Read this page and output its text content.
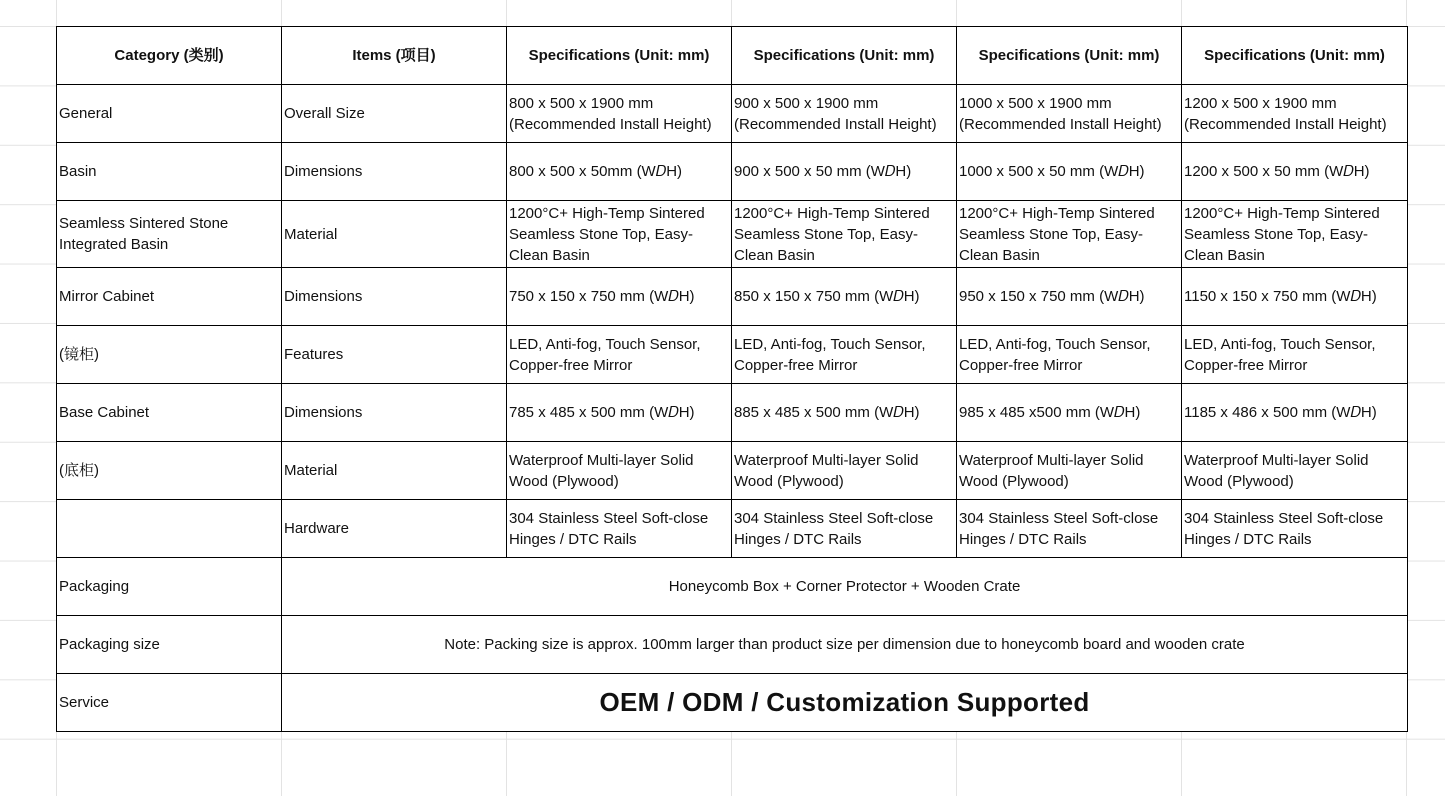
Category (类别)	Items (项目)	Specifications (Unit: mm)	Specifications (Unit: mm)	Specifications (Unit: mm)	Specifications (Unit: mm)
General	Overall Size	800 x 500 x 1900 mm (Recommended Install Height)	900 x 500 x 1900 mm (Recommended Install Height)	1000 x 500 x 1900 mm (Recommended Install Height)	1200 x 500 x 1900 mm (Recommended Install Height)
Basin	Dimensions	800 x 500 x 50mm (W𝐷H)	900 x 500 x 50 mm (W𝐷H)	1000 x 500 x 50 mm (W𝐷H)	1200 x 500 x 50 mm (W𝐷H)
Seamless Sintered Stone Integrated Basin	Material	1200°C+ High-Temp Sintered Seamless Stone Top, Easy-Clean Basin	1200°C+ High-Temp Sintered Seamless Stone Top, Easy-Clean Basin	1200°C+ High-Temp Sintered Seamless Stone Top, Easy-Clean Basin	1200°C+ High-Temp Sintered Seamless Stone Top, Easy-Clean Basin
Mirror Cabinet	Dimensions	750 x 150 x 750 mm (W𝐷H)	850 x 150 x 750 mm (W𝐷H)	950 x 150 x 750 mm (W𝐷H)	1150 x 150 x 750 mm (W𝐷H)
(镜柜)	Features	LED, Anti-fog, Touch Sensor, Copper-free Mirror	LED, Anti-fog, Touch Sensor, Copper-free Mirror	LED, Anti-fog, Touch Sensor, Copper-free Mirror	LED, Anti-fog, Touch Sensor, Copper-free Mirror
Base Cabinet	Dimensions	785 x 485 x 500 mm (W𝐷H)	885 x 485 x 500 mm (W𝐷H)	985 x 485 x500 mm (W𝐷H)	1185 x 486 x 500 mm (W𝐷H)
(底柜)	Material	Waterproof Multi-layer Solid Wood (Plywood)	Waterproof Multi-layer Solid Wood (Plywood)	Waterproof Multi-layer Solid Wood (Plywood)	Waterproof Multi-layer Solid Wood (Plywood)
	Hardware	304 Stainless Steel Soft-close Hinges / DTC Rails	304 Stainless Steel Soft-close Hinges / DTC Rails	304 Stainless Steel Soft-close Hinges / DTC Rails	304 Stainless Steel Soft-close Hinges / DTC Rails
Packaging	Honeycomb Box + Corner Protector + Wooden Crate				
Packaging size	Note: Packing size is approx. 100mm larger than product size per dimension due to honeycomb board and wooden crate				
Service	OEM / ODM / Customization Supported				
